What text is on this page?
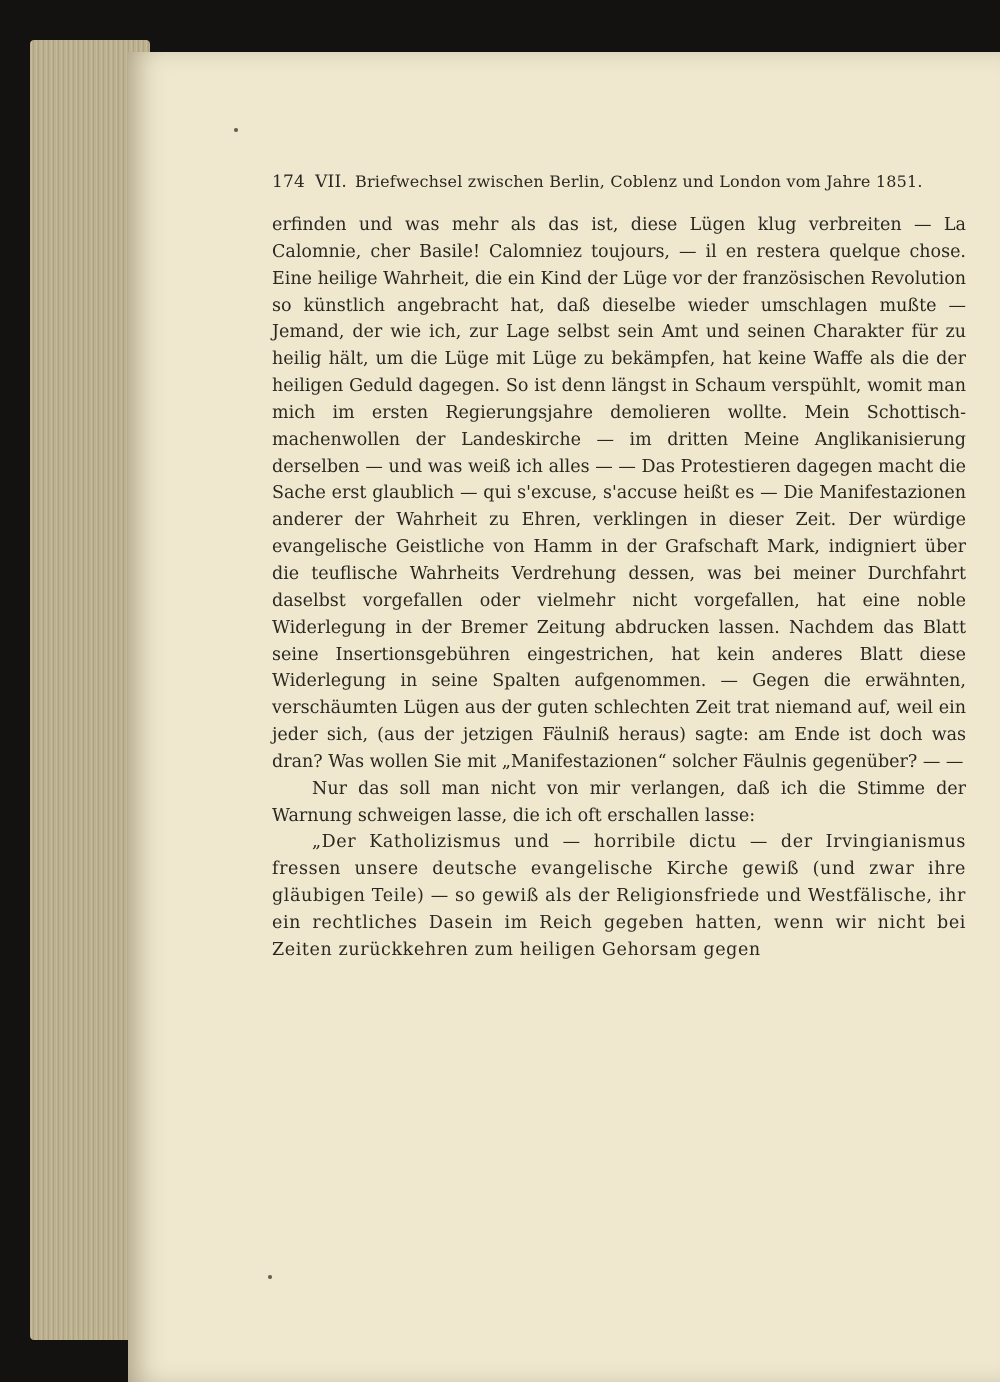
174 VII. Briefwechsel zwischen Berlin, Coblenz und London vom Jahre 1851.

erfinden und was mehr als das ist, diese Lügen klug verbreiten — La Calomnie, cher Basile! Calomniez toujours, — il en restera quelque chose. Eine heilige Wahrheit, die ein Kind der Lüge vor der französischen Revolution so künstlich angebracht hat, daß dieselbe wieder umschlagen mußte — Jemand, der wie ich, zur Lage selbst sein Amt und seinen Charakter für zu heilig hält, um die Lüge mit Lüge zu bekämpfen, hat keine Waffe als die der heiligen Geduld dagegen. So ist denn längst in Schaum verspühlt, womit man mich im ersten Regierungsjahre demolieren wollte. Mein Schottisch-machenwollen der Landeskirche — im dritten Meine Anglikanisierung derselben — und was weiß ich alles — — Das Protestieren dagegen macht die Sache erst glaublich — qui s'excuse, s'accuse heißt es — Die Manifestazionen anderer der Wahrheit zu Ehren, verklingen in dieser Zeit. Der würdige evangelische Geistliche von Hamm in der Grafschaft Mark, indigniert über die teuflische Wahrheits Verdrehung dessen, was bei meiner Durchfahrt daselbst vorgefallen oder vielmehr nicht vorgefallen, hat eine noble Widerlegung in der Bremer Zeitung abdrucken lassen. Nachdem das Blatt seine Insertionsgebühren eingestrichen, hat kein anderes Blatt diese Widerlegung in seine Spalten aufgenommen. — Gegen die erwähnten, verschäumten Lügen aus der guten schlechten Zeit trat niemand auf, weil ein jeder sich, (aus der jetzigen Fäulniß heraus) sagte: am Ende ist doch was dran? Was wollen Sie mit „Manifestazionen“ solcher Fäulnis gegenüber? — —

Nur das soll man nicht von mir verlangen, daß ich die Stimme der Warnung schweigen lasse, die ich oft erschallen lasse:

„Der Katholizismus und — horribile dictu — der Irvingianismus fressen unsere deutsche evangelische Kirche gewiß (und zwar ihre gläubigen Teile) — so gewiß als der Religionsfriede und Westfälische, ihr ein rechtliches Dasein im Reich gegeben hatten, wenn wir nicht bei Zeiten zurückkehren zum heiligen Gehorsam gegen
